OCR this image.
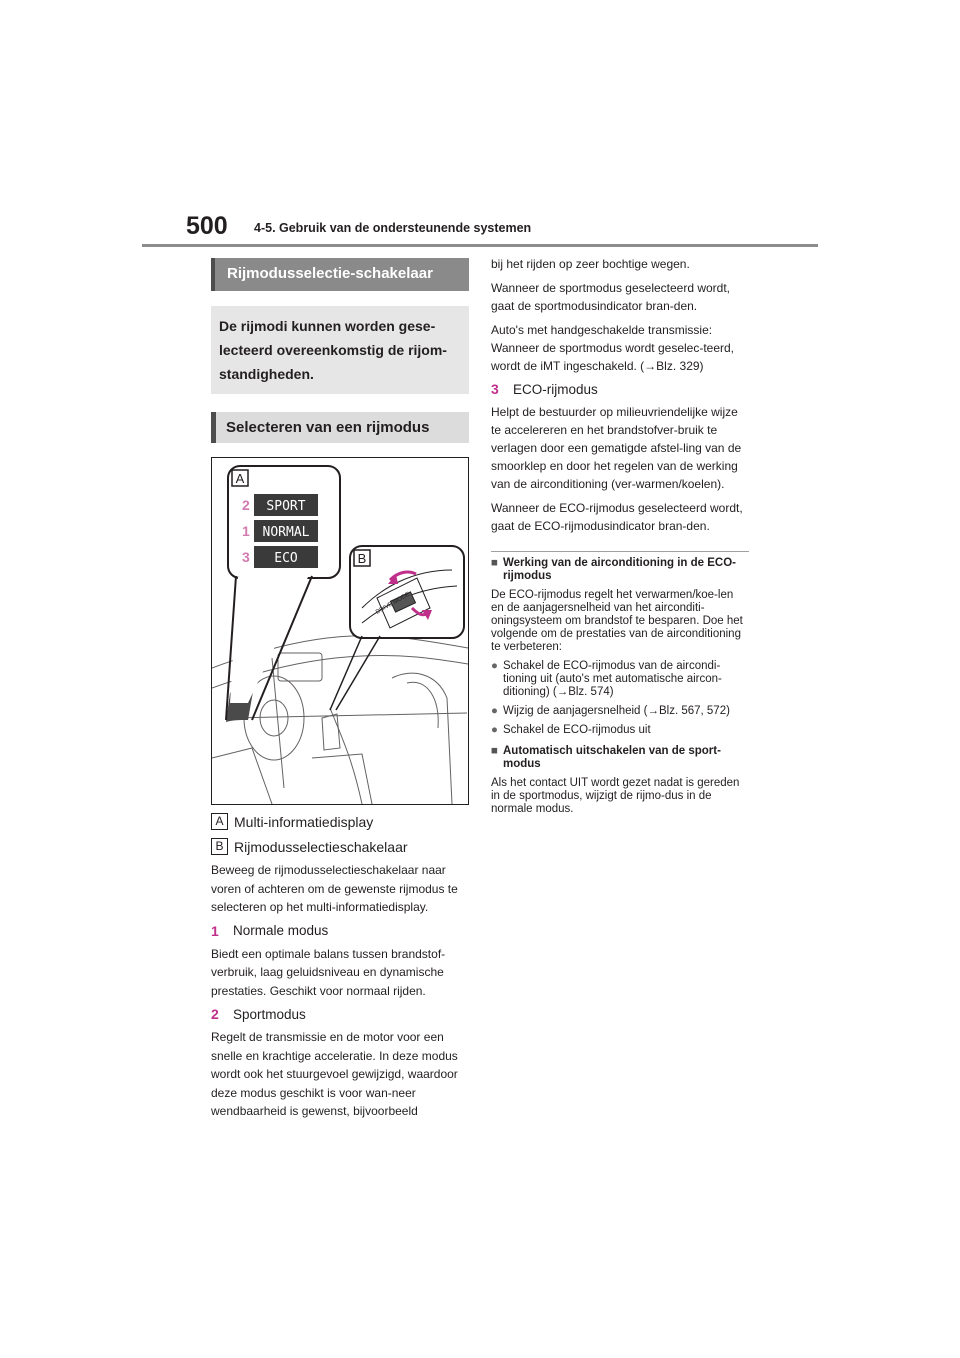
500 4-5. Gebruik van de ondersteunende systemen
Rijmodusselectie-schakelaar
De rijmodi kunnen worden gese-lecteerd overeenkomstig de rijom-standigheden.
Selecteren van een rijmodus
A
2 SPORT
1 NORMAL
3 ECO	B
DRIVE MODE
A Multi-informatiedisplay
B Rijmodusselectieschakelaar

Beweeg de rijmodusselectieschakelaar naar voren of achteren om de gewenste rijmodus te selecteren op het multi-informatiedisplay.

1	Normale modus

Biedt een optimale balans tussen brandstof-verbruik, laag geluidsniveau en dynamische prestaties. Geschikt voor normaal rijden.

2	Sportmodus

Regelt de transmissie en de motor voor een snelle en krachtige acceleratie. In deze modus wordt ook het stuurgevoel gewijzigd, waardoor deze modus geschikt is voor wan-neer wendbaarheid is gewenst, bijvoorbeeld

bij het rijden op zeer bochtige wegen.

Wanneer de sportmodus geselecteerd wordt, gaat de sportmodusindicator bran-den.

Auto's met handgeschakelde transmissie: Wanneer de sportmodus wordt geselec-teerd, wordt de iMT ingeschakeld. (→Blz. 329)

3	ECO-rijmodus

Helpt de bestuurder op milieuvriendelijke wijze te accelereren en het brandstofver-bruik te verlagen door een gematigde afstel-ling van de smoorklep en door het regelen van de werking van de airconditioning (ver-warmen/koelen).

Wanneer de ECO-rijmodus geselecteerd wordt, gaat de ECO-rijmodusindicator bran-den.

■ Werking van de airconditioning in de ECO-rijmodus
De ECO-rijmodus regelt het verwarmen/koe-len en de aanjagersnelheid van het airconditi-oningsysteem om brandstof te besparen. Doe het volgende om de prestaties van de airconditioning te verbeteren:
● Schakel de ECO-rijmodus van de aircondi-tioning uit (auto's met automatische aircon-ditioning) (→Blz. 574)
● Wijzig de aanjagersnelheid (→Blz. 567, 572)
● Schakel de ECO-rijmodus uit
■ Automatisch uitschakelen van de sport-modus
Als het contact UIT wordt gezet nadat is gereden in de sportmodus, wijzigt de rijmo-dus in de normale modus.
